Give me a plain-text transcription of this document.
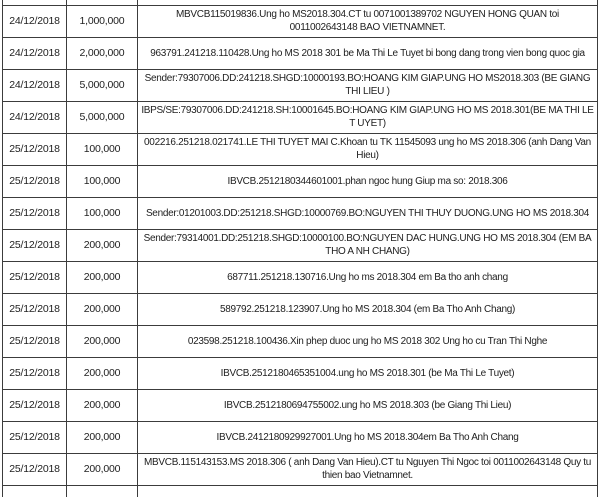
24/12/2018	1,000,000	MBVCB115019836.Ung ho MS2018.304.CT tu 0071001389702 NGUYEN HONG QUAN toi 0011002643148 BAO VIETNAMNET.
24/12/2018	2,000,000	963791.241218.110428.Ung ho MS 2018 301 be Ma Thi Le Tuyet bi bong dang trong vien bong quoc gia
24/12/2018	5,000,000	Sender:79307006.DD:241218.SHGD:10000193.BO:HOANG KIM GIAP.UNG HO MS2018.303 (BE GIANG THI LIEU )
24/12/2018	5,000,000	IBPS/SE:79307006.DD:241218.SH:10001645.BO:HOANG KIM GIAP.UNG HO MS 2018.301(BE MA THI LE T UYET)
25/12/2018	100,000	002216.251218.021741.LE THI TUYET MAI C.Khoan tu TK 11545093 ung ho MS 2018.306 (anh Dang Van Hieu)
25/12/2018	100,000	IBVCB.2512180344601001.phan ngoc hung Giup ma so: 2018.306
25/12/2018	100,000	Sender:01201003.DD:251218.SHGD:10000769.BO:NGUYEN THI THUY DUONG.UNG HO MS 2018.304
25/12/2018	200,000	Sender:79314001.DD:251218.SHGD:10000100.BO:NGUYEN DAC HUNG.UNG HO MS 2018.304 (EM BA THO A NH CHANG)
25/12/2018	200,000	687711.251218.130716.Ung ho ms 2018.304 em Ba tho anh chang
25/12/2018	200,000	589792.251218.123907.Ung ho MS 2018.304 (em Ba Tho Anh Chang)
25/12/2018	200,000	023598.251218.100436.Xin phep duoc ung ho MS 2018 302 Ung ho cu Tran Thi Nghe
25/12/2018	200,000	IBVCB.2512180465351004.ung ho MS 2018.301 (be Ma Thi Le Tuyet)
25/12/2018	200,000	IBVCB.2512180694755002.ung ho MS 2018.303 (be Giang Thi Lieu)
25/12/2018	200,000	IBVCB.2412180929927001.Ung ho MS 2018.304em Ba Tho Anh Chang
25/12/2018	200,000	MBVCB.115143153.MS 2018.306 ( anh Dang Van Hieu).CT tu Nguyen Thi Ngoc toi 0011002643148 Quy tu thien bao Vietnamnet.
